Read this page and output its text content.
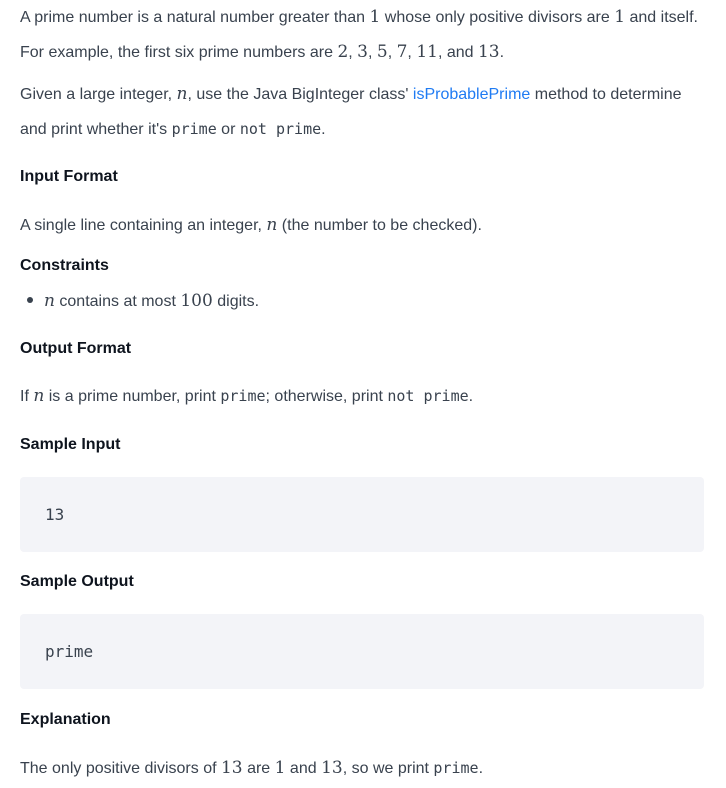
A prime number is a natural number greater than 1 whose only positive divisors are 1 and itself. For example, the first six prime numbers are 2, 3, 5, 7, 11, and 13.

Given a large integer, n, use the Java BigInteger class' isProbablePrime method to determine and print whether it's prime or not prime.

Input Format

A single line containing an integer, n (the number to be checked).

Constraints
n contains at most 100 digits.
Output Format

If n is a prime number, print prime; otherwise, print not prime.

Sample Input
13
Sample Output
prime
Explanation

The only positive divisors of 13 are 1 and 13, so we print prime.
